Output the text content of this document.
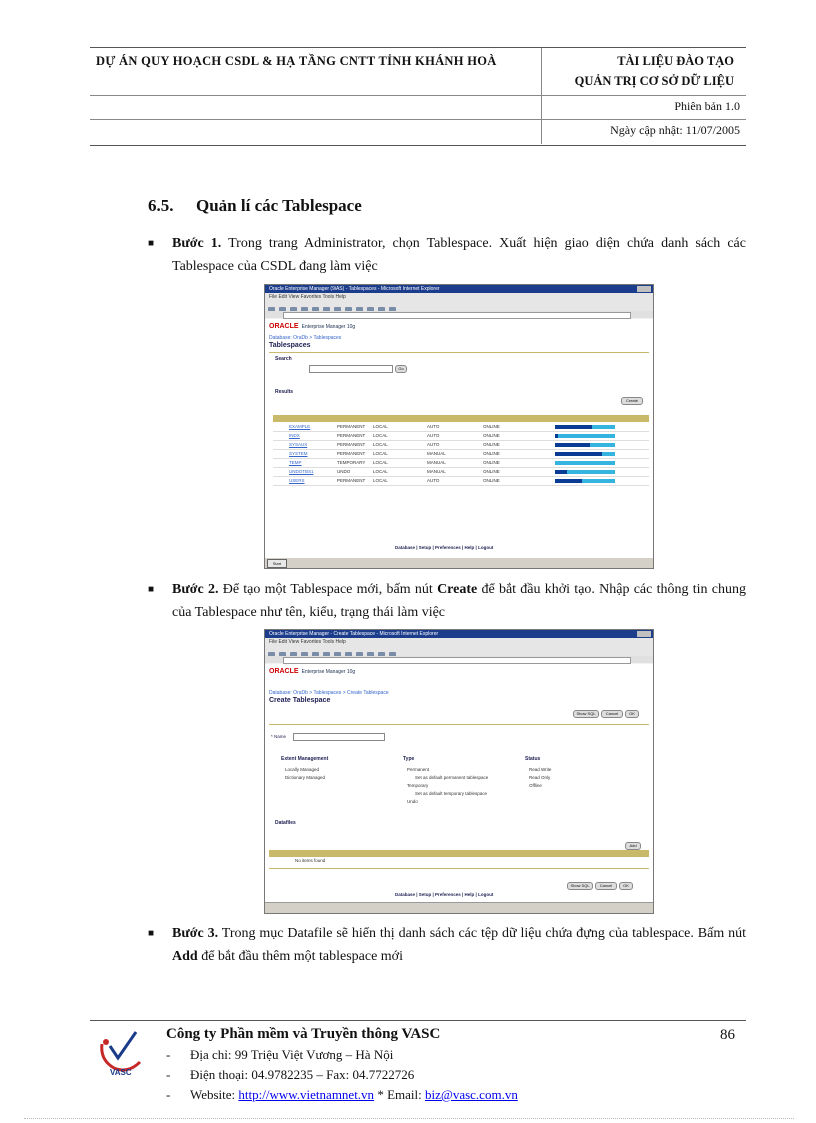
DỰ ÁN QUY HOẠCH CSDL & HẠ TẦNG CNTT TỈNH KHÁNH HOÀ	TÀI LIỆU ĐÀO TẠO
QUẢN TRỊ CƠ SỞ DỮ LIỆU
Phiên bản 1.0
Ngày cập nhật: 11/07/2005
6.5. Quản lí các Tablespace
■ Bước 1. Trong trang Administrator, chọn Tablespace. Xuất hiện giao diện chứa danh sách các Tablespace của CSDL đang làm việc
Oracle Enterprise Manager (9iAS) - Tablespaces - Microsoft Internet Explorer
File Edit View Favorites Tools Help
ORACLE Enterprise Manager 10g
Database: OraDb > Tablespaces
Tablespaces
Search
Go
Results
Create
EXAMPLE	PERMANENT LOCAL	AUTO	ONLINE
INDX	PERMANENT LOCAL	AUTO	ONLINE
SYSAUX	PERMANENT LOCAL	AUTO	ONLINE
SYSTEM	PERMANENT LOCAL	MANUAL	ONLINE
TEMP	TEMPORARY LOCAL	MANUAL	ONLINE
UNDOTBS1	UNDO	LOCAL	MANUAL	ONLINE
USERS	PERMANENT LOCAL	AUTO	ONLINE
Database | Setup | Preferences | Help | Logout
Start
■ Bước 2. Để tạo một Tablespace mới, bấm nút Create để bắt đầu khởi tạo. Nhập các thông tin chung của Tablespace như tên, kiểu, trạng thái làm việc
Oracle Enterprise Manager - Create Tablespace - Microsoft Internet Explorer
File Edit View Favorites Tools Help
ORACLE Enterprise Manager 10g
Database: OraDb > Tablespaces > Create Tablespace
Create Tablespace
Show SQL	Cancel	OK
* Name
Extent Management
Locally Managed
Dictionary Managed
Type
Permanent
Set as default permanent tablespace
Temporary
Set as default temporary tablespace
Undo
Status
Read Write
Read Only
Offline
Datafiles
Add
No items found
Show SQL	Cancel	OK
Database | Setup | Preferences | Help | Logout
■ Bước 3. Trong mục Datafile sẽ hiển thị danh sách các tệp dữ liệu chứa đựng của tablespace. Bấm nút Add để bắt đầu thêm một tablespace mới
VASC
Công ty Phần mềm và Truyền thông VASC	86
- Địa chỉ: 99 Triệu Việt Vương – Hà Nội
- Điện thoại: 04.9782235 – Fax: 04.7722726
- Website: http://www.vietnamnet.vn * Email: biz@vasc.com.vn
